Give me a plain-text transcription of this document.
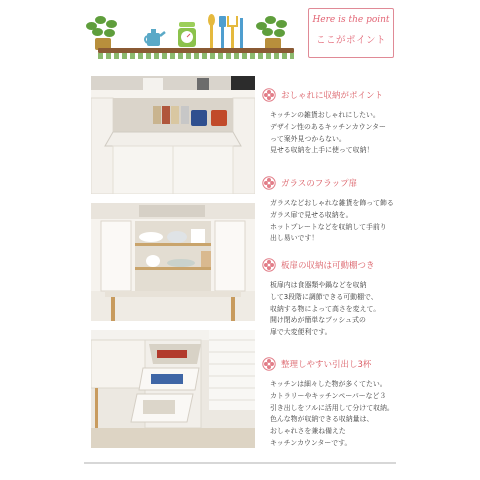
Here is the point
ここがポイント
おしゃれに収納がポイント

キッチンの雑貨おしゃれにしたい。

デザイン性のあるキッチンカウンター

って案外見つからない。

見せる収納を上手に使って収納！

ガラスのフラップ扉

ガラスなどおしゃれな雑貨を飾って飾る

ガラス扉で見せる収納を。

ホットプレートなどを収納して手前り

出し易いです！

板扉の収納は可動棚つき

板扉内は食器類や鍋などを収納

して3段階に調節できる可動棚で、

収納する物によって高さを変えて。

開け閉めが簡単なプッシュ式の

扉で大変便利です。

整理しやすい引出し3杯

キッチンは細々した物が多くてたい。

カトラリーやキッチンペーパーなど３

引き出しをフルに活用して分けて収納。

色んな物が収納できる収納量は、

おしゃれさを兼ね備えた

キッチンカウンターです。
